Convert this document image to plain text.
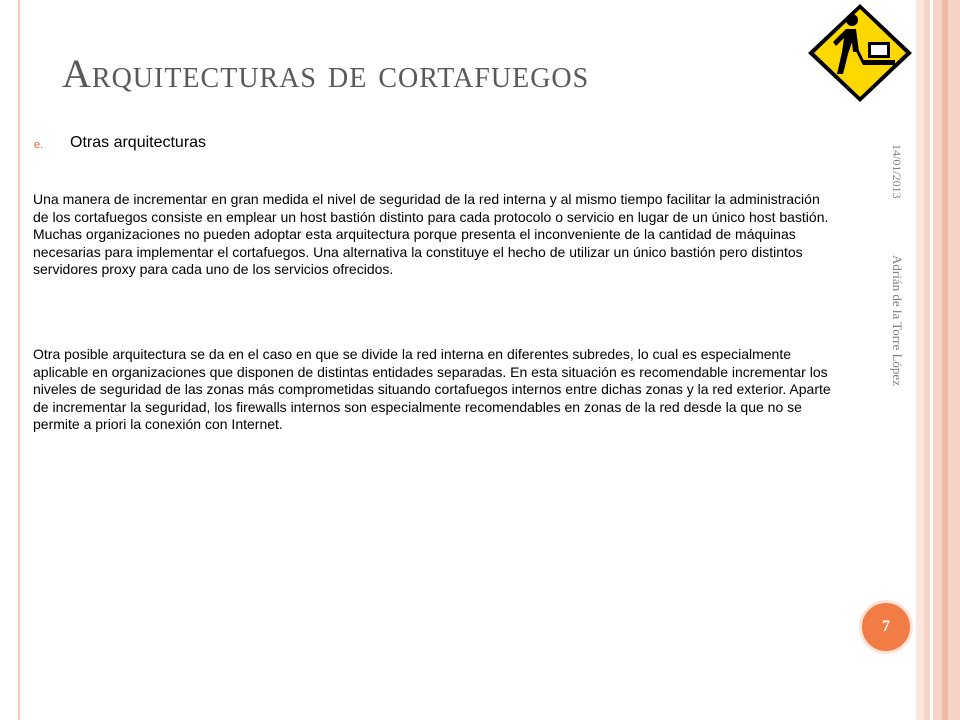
Arquitecturas de cortafuegos
e. Otras arquitecturas

Una manera de incrementar en gran medida el nivel de seguridad de la red interna y al mismo tiempo facilitar la administración de los cortafuegos consiste en emplear un host bastión distinto para cada protocolo o servicio en lugar de un único host bastión. Muchas organizaciones no pueden adoptar esta arquitectura porque presenta el inconveniente de la cantidad de máquinas necesarias para implementar el cortafuegos. Una alternativa la constituye el hecho de utilizar un único bastión pero distintos servidores proxy para cada uno de los servicios ofrecidos.

Otra posible arquitectura se da en el caso en que se divide la red interna en diferentes subredes, lo cual es especialmente aplicable en organizaciones que disponen de distintas entidades separadas. En esta situación es recomendable incrementar los niveles de seguridad de las zonas más comprometidas situando cortafuegos internos entre dichas zonas y la red exterior. Aparte de incrementar la seguridad, los firewalls internos son especialmente recomendables en zonas de la red desde la que no se permite a priori la conexión con Internet.

14/01/2013
Adrián de la Torre López
7
